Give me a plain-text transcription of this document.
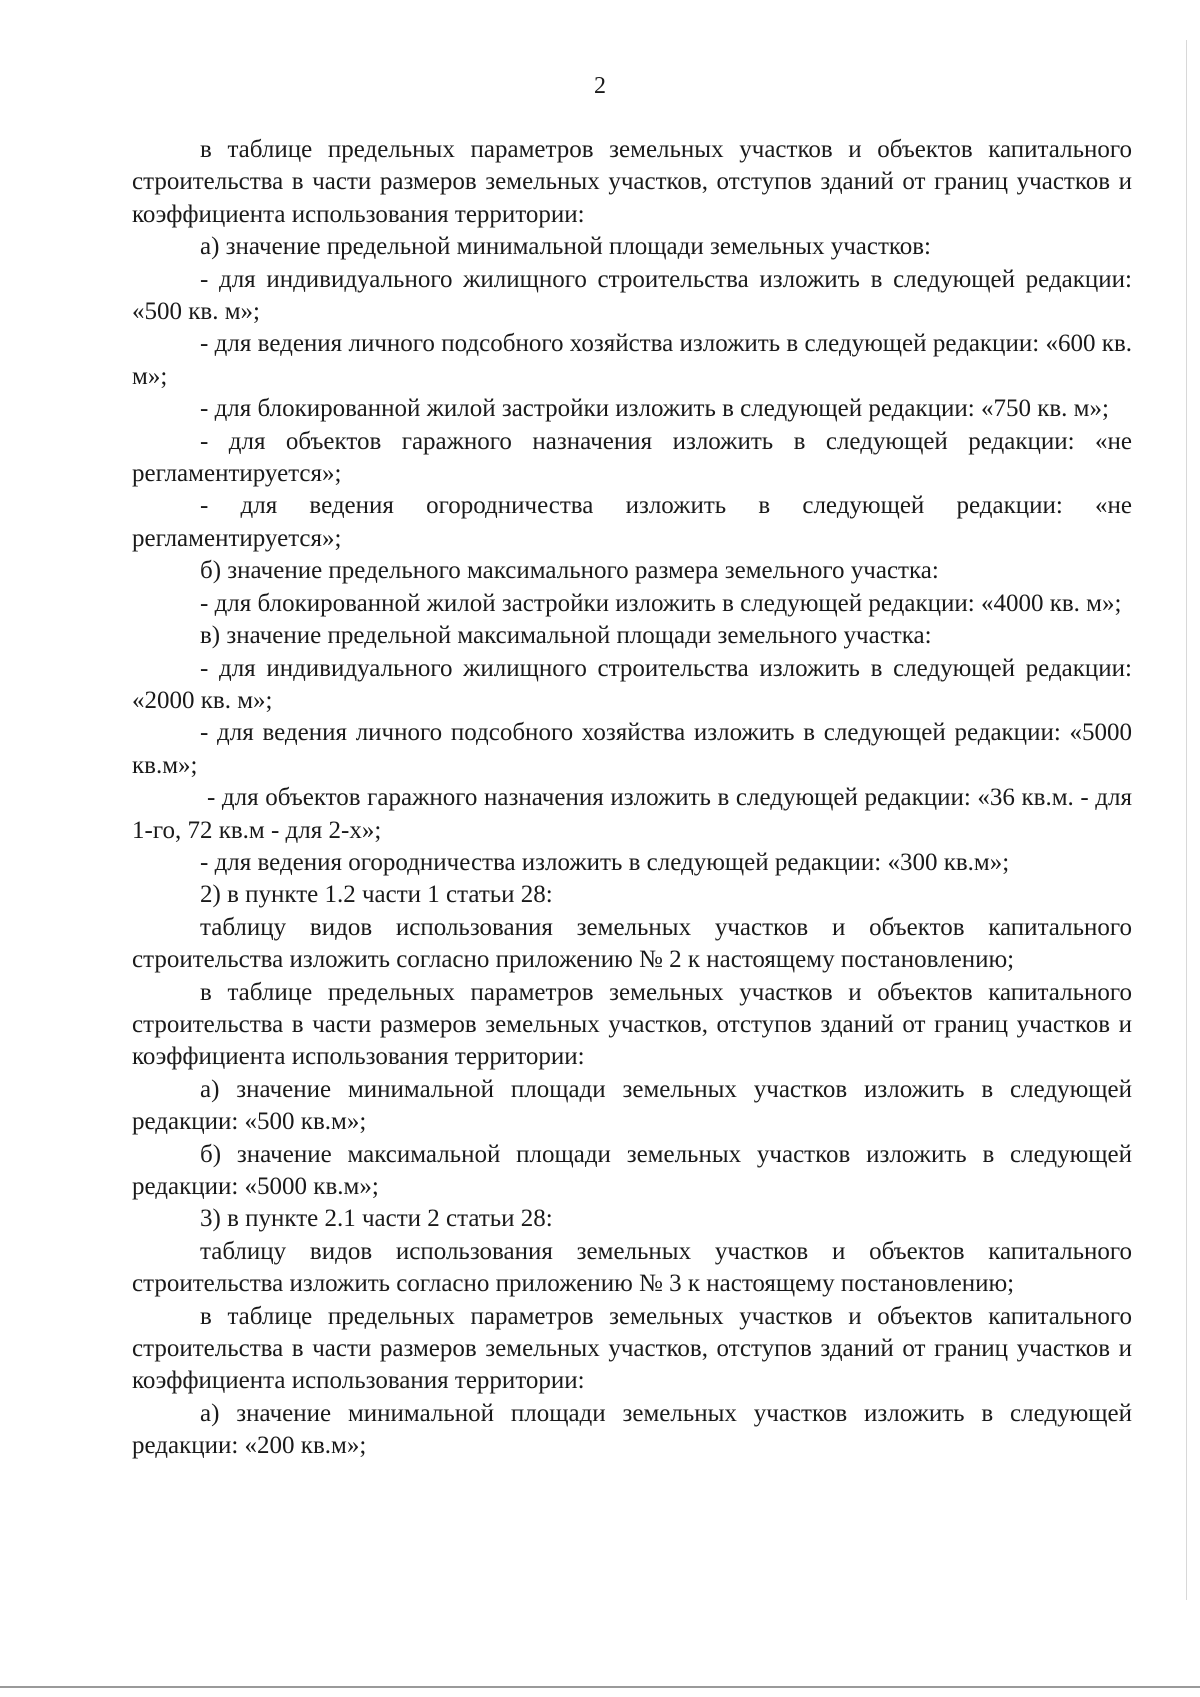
2

в таблице предельных параметров земельных участков и объектов капитального строительства в части размеров земельных участков, отступов зданий от границ участков и коэффициента использования территории:

а) значение предельной минимальной площади земельных участков:

- для индивидуального жилищного строительства изложить в следующей редакции: «500 кв. м»;

- для ведения личного подсобного хозяйства изложить в следующей редакции: «600 кв. м»;

- для блокированной жилой застройки изложить в следующей редакции: «750 кв. м»;

- для объектов гаражного назначения изложить в следующей редакции: «не регламентируется»;

- для ведения огородничества изложить в следующей редакции: «не регламентируется»;

б) значение предельного максимального размера земельного участка:

- для блокированной жилой застройки изложить в следующей редакции: «4000 кв. м»;

в) значение предельной максимальной площади земельного участка:

- для индивидуального жилищного строительства изложить в следующей редакции: «2000 кв. м»;

- для ведения личного подсобного хозяйства изложить в следующей редакции: «5000 кв.м»;

- для объектов гаражного назначения изложить в следующей редакции: «36 кв.м. - для 1-го, 72 кв.м - для 2-х»;

- для ведения огородничества изложить в следующей редакции: «300 кв.м»;

2) в пункте 1.2 части 1 статьи 28:

таблицу видов использования земельных участков и объектов капитального строительства изложить согласно приложению № 2 к настоящему постановлению;

в таблице предельных параметров земельных участков и объектов капитального строительства в части размеров земельных участков, отступов зданий от границ участков и коэффициента использования территории:

а) значение минимальной площади земельных участков изложить в следующей редакции: «500 кв.м»;

б) значение максимальной площади земельных участков изложить в следующей редакции: «5000 кв.м»;

3) в пункте 2.1 части 2 статьи 28:

таблицу видов использования земельных участков и объектов капитального строительства изложить согласно приложению № 3 к настоящему постановлению;

в таблице предельных параметров земельных участков и объектов капитального строительства в части размеров земельных участков, отступов зданий от границ участков и коэффициента использования территории:

а) значение минимальной площади земельных участков изложить в следующей редакции: «200 кв.м»;
